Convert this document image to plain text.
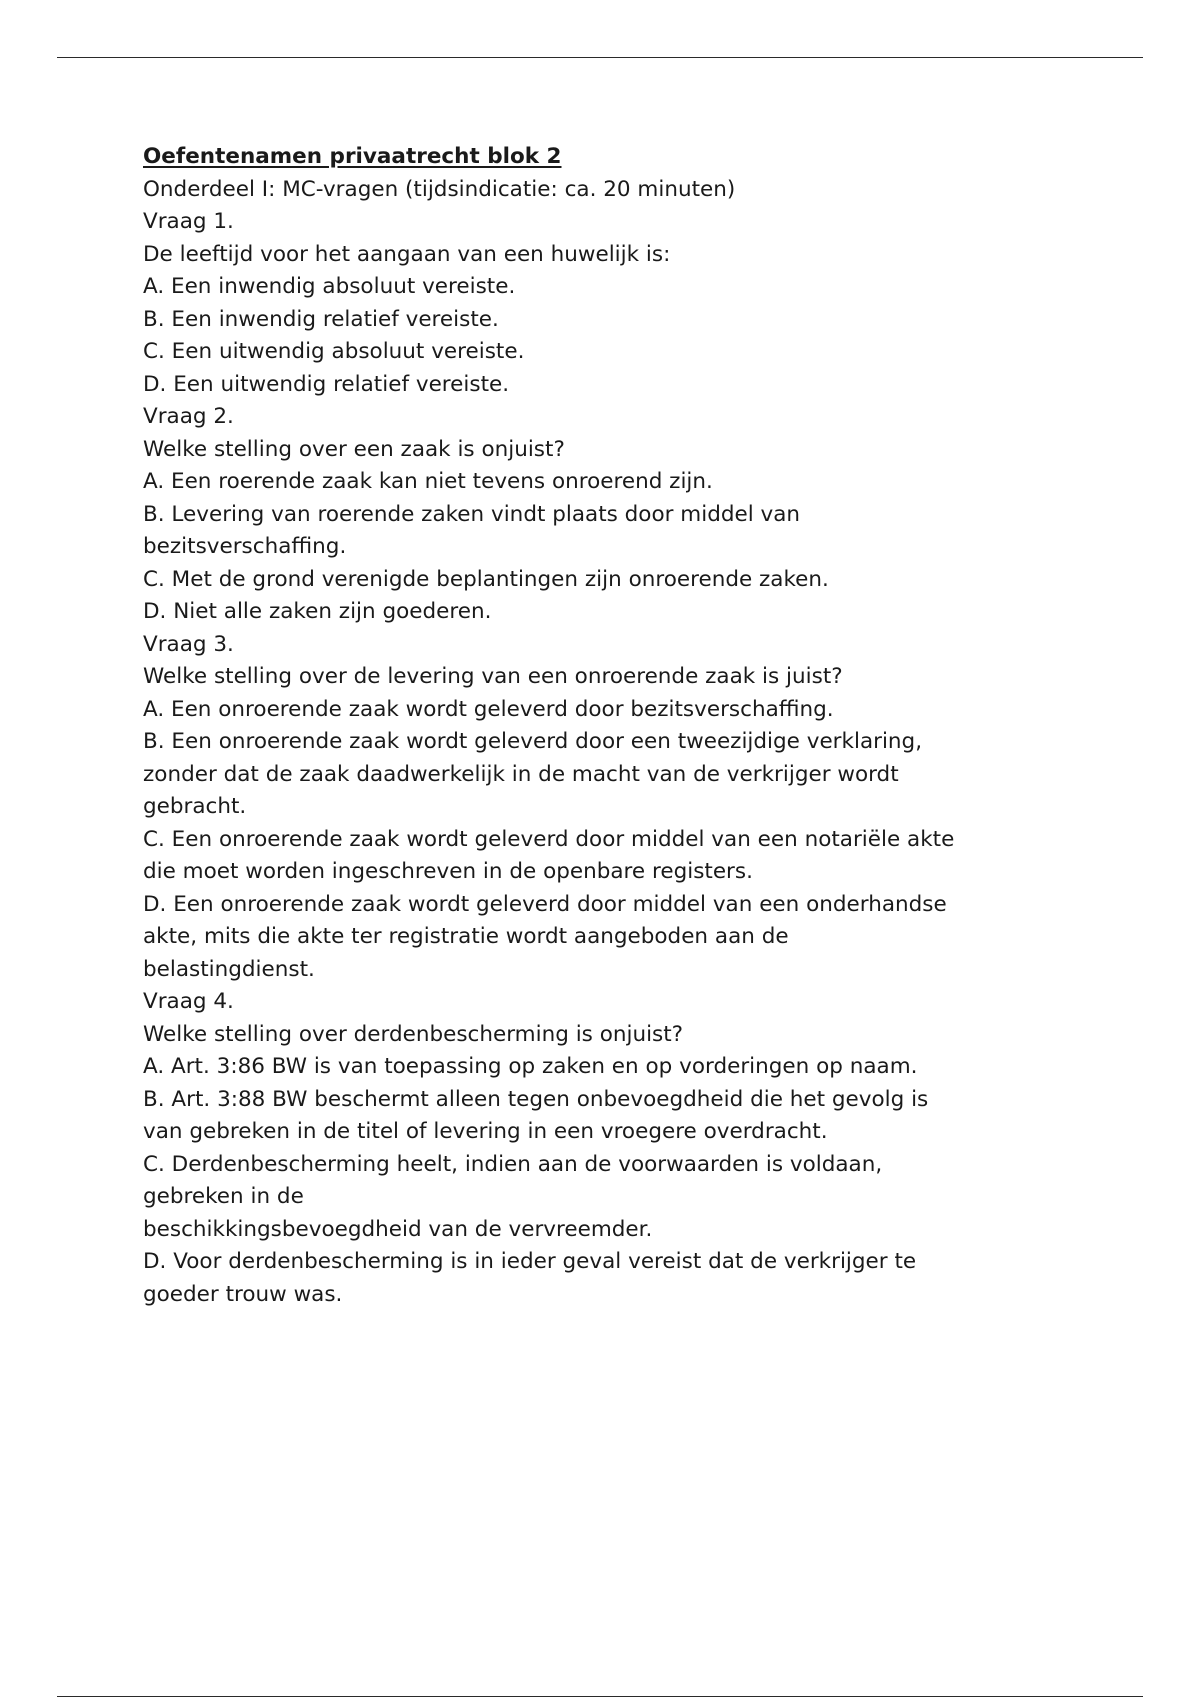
Oefentenamen privaatrecht blok 2
Onderdeel I: MC-vragen (tijdsindicatie: ca. 20 minuten)
Vraag 1.
De leeftijd voor het aangaan van een huwelijk is:
A. Een inwendig absoluut vereiste.
B. Een inwendig relatief vereiste.
C. Een uitwendig absoluut vereiste.
D. Een uitwendig relatief vereiste.
Vraag 2.
Welke stelling over een zaak is onjuist?
A. Een roerende zaak kan niet tevens onroerend zijn.
B. Levering van roerende zaken vindt plaats door middel van
bezitsverschaffing.
C. Met de grond verenigde beplantingen zijn onroerende zaken.
D. Niet alle zaken zijn goederen.
Vraag 3.
Welke stelling over de levering van een onroerende zaak is juist?
A. Een onroerende zaak wordt geleverd door bezitsverschaffing.
B. Een onroerende zaak wordt geleverd door een tweezijdige verklaring,
zonder dat de zaak daadwerkelijk in de macht van de verkrijger wordt
gebracht.
C. Een onroerende zaak wordt geleverd door middel van een notariële akte
die moet worden ingeschreven in de openbare registers.
D. Een onroerende zaak wordt geleverd door middel van een onderhandse
akte, mits die akte ter registratie wordt aangeboden aan de
belastingdienst.
Vraag 4.
Welke stelling over derdenbescherming is onjuist?
A. Art. 3:86 BW is van toepassing op zaken en op vorderingen op naam.
B. Art. 3:88 BW beschermt alleen tegen onbevoegdheid die het gevolg is
van gebreken in de titel of levering in een vroegere overdracht.
C. Derdenbescherming heelt, indien aan de voorwaarden is voldaan,
gebreken in de
beschikkingsbevoegdheid van de vervreemder.
D. Voor derdenbescherming is in ieder geval vereist dat de verkrijger te
goeder trouw was.
